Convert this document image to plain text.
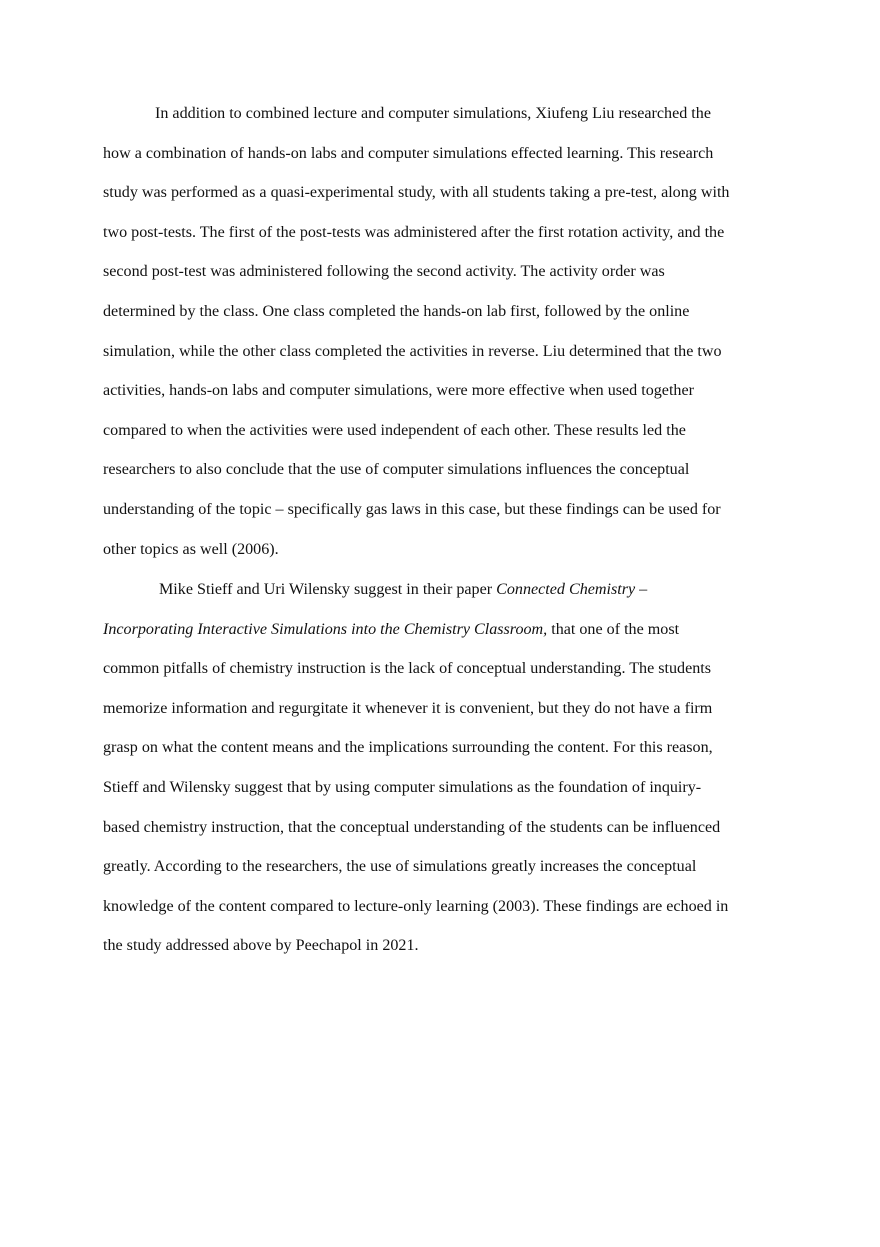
In addition to combined lecture and computer simulations, Xiufeng Liu researched the
how a combination of hands-on labs and computer simulations effected learning. This research
study was performed as a quasi-experimental study, with all students taking a pre-test, along with
two post-tests. The first of the post-tests was administered after the first rotation activity, and the
second post-test was administered following the second activity. The activity order was
determined by the class. One class completed the hands-on lab first, followed by the online
simulation, while the other class completed the activities in reverse. Liu determined that the two
activities, hands-on labs and computer simulations, were more effective when used together
compared to when the activities were used independent of each other. These results led the
researchers to also conclude that the use of computer simulations influences the conceptual
understanding of the topic – specifically gas laws in this case, but these findings can be used for
other topics as well (2006).
Mike Stieff and Uri Wilensky suggest in their paper Connected Chemistry –
Incorporating Interactive Simulations into the Chemistry Classroom, that one of the most
common pitfalls of chemistry instruction is the lack of conceptual understanding. The students
memorize information and regurgitate it whenever it is convenient, but they do not have a firm
grasp on what the content means and the implications surrounding the content. For this reason,
Stieff and Wilensky suggest that by using computer simulations as the foundation of inquiry-
based chemistry instruction, that the conceptual understanding of the students can be influenced
greatly. According to the researchers, the use of simulations greatly increases the conceptual
knowledge of the content compared to lecture-only learning (2003). These findings are echoed in
the study addressed above by Peechapol in 2021.
